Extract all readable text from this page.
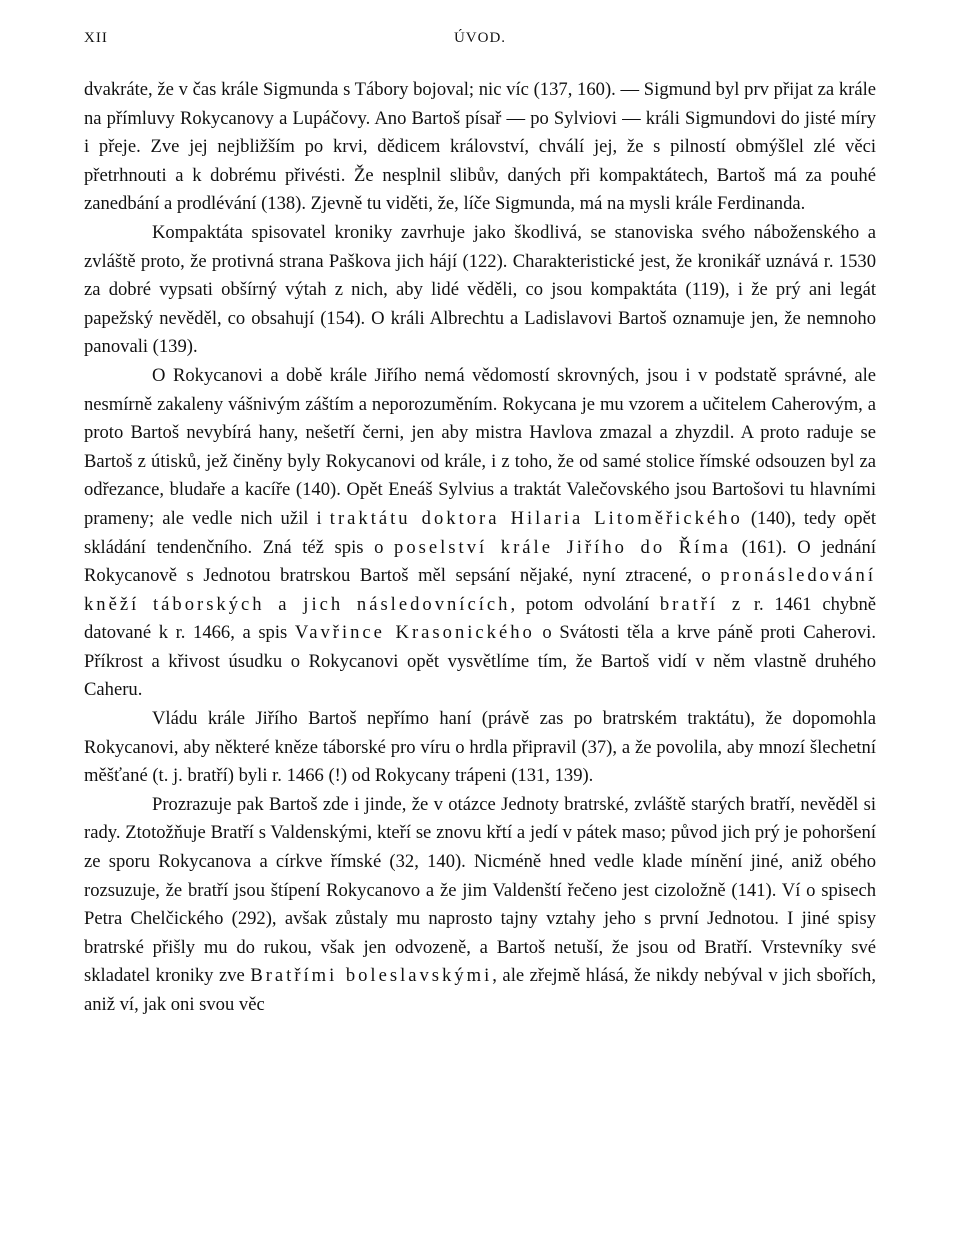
XII	ÚVOD.

dvakráte, že v čas krále Sigmunda s Tábory bojoval; nic víc (137, 160). — Sigmund byl prv přijat za krále na přímluvy Rokycanovy a Lupáčovy. Ano Bartoš písař — po Sylviovi — králi Sigmundovi do jisté míry i přeje. Zve jej nejbližším po krvi, dědicem království, chválí jej, že s pilností obmýšlel zlé věci přetrhnouti a k dobrému přivésti. Že nesplnil slibův, daných při kompaktátech, Bartoš má za pouhé zanedbání a prodlévání (138). Zjevně tu viděti, že, líče Sigmunda, má na mysli krále Ferdinanda.

Kompaktáta spisovatel kroniky zavrhuje jako škodlivá, se stanoviska svého náboženského a zvláště proto, že protivná strana Paškova jich hájí (122). Charakteristické jest, že kronikář uznává r. 1530 za dobré vypsati obšírný výtah z nich, aby lidé věděli, co jsou kompaktáta (119), i že prý ani legát papežský nevěděl, co obsahují (154). O králi Albrechtu a Ladislavovi Bartoš oznamuje jen, že nemnoho panovali (139).

O Rokycanovi a době krále Jiřího nemá vědomostí skrovných, jsou i v podstatě správné, ale nesmírně zakaleny vášnivým záštím a neporozuměním. Rokycana je mu vzorem a učitelem Caherovým, a proto Bartoš nevybírá hany, nešetří černi, jen aby mistra Havlova zmazal a zhyzdil. A proto raduje se Bartoš z útisků, jež činěny byly Rokycanovi od krále, i z toho, že od samé stolice římské odsouzen byl za odřezance, bludaře a kacíře (140). Opět Eneáš Sylvius a traktát Valečovského jsou Bartošovi tu hlavními prameny; ale vedle nich užil i traktátu doktora Hilaria Litoměřického (140), tedy opět skládání tendenčního. Zná též spis o poselství krále Jiřího do Říma (161). O jednání Rokycanově s Jednotou bratrskou Bartoš měl sepsání nějaké, nyní ztracené, o pronásledování kněží táborských a jich následovnících, potom odvolání bratří z r. 1461 chybně datované k r. 1466, a spis Vavřince Krasonického o Svátosti těla a krve páně proti Caherovi. Příkrost a křivost úsudku o Rokycanovi opět vysvětlíme tím, že Bartoš vidí v něm vlastně druhého Caheru.

Vládu krále Jiřího Bartoš nepřímo haní (právě zas po bratrském traktátu), že dopomohla Rokycanovi, aby některé kněze táborské pro víru o hrdla připravil (37), a že povolila, aby mnozí šlechetní měšťané (t. j. bratří) byli r. 1466 (!) od Rokycany trápeni (131, 139).

Prozrazuje pak Bartoš zde i jinde, že v otázce Jednoty bratrské, zvláště starých bratří, nevěděl si rady. Ztotožňuje Bratří s Valdenskými, kteří se znovu křtí a jedí v pátek maso; původ jich prý je pohoršení ze sporu Rokycanova a církve římské (32, 140). Nicméně hned vedle klade mínění jiné, aniž obého rozsuzuje, že bratří jsou štípení Rokycanovo a že jim Valdenští řečeno jest cizoložně (141). Ví o spisech Petra Chelčického (292), avšak zůstaly mu naprosto tajny vztahy jeho s první Jednotou. I jiné spisy bratrské přišly mu do rukou, však jen odvozeně, a Bartoš netuší, že jsou od Bratří. Vrstevníky své skladatel kroniky zve Bratřími boleslavskými, ale zřejmě hlásá, že nikdy nebýval v jich sbořích, aniž ví, jak oni svou věc
